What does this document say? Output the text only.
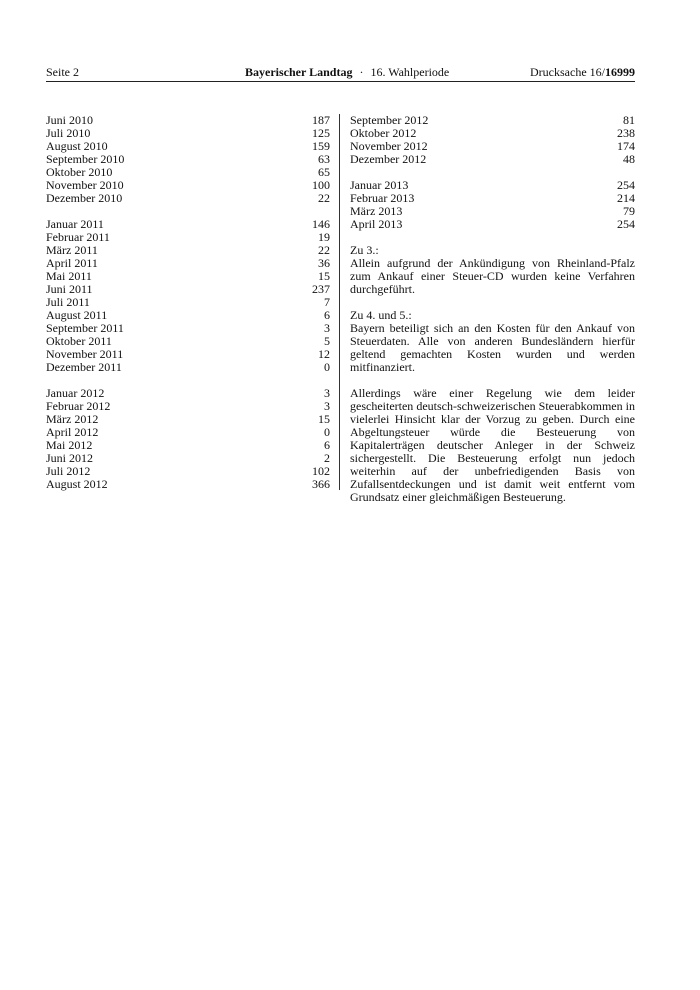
Seite 2	Bayerischer Landtag · 16. Wahlperiode	Drucksache 16/16999
Juni 2010	187
Juli 2010	125
August 2010	159
September 2010	63
Oktober 2010	65
November 2010	100
Dezember 2010	22
Januar 2011	146
Februar 2011	19
März 2011	22
April 2011	36
Mai 2011	15
Juni 2011	237
Juli 2011	7
August 2011	6
September 2011	3
Oktober 2011	5
November 2011	12
Dezember 2011	0
Januar 2012	3
Februar 2012	3
März 2012	15
April 2012	0
Mai 2012	6
Juni 2012	2
Juli 2012	102
August 2012	366
September 2012	81
Oktober 2012	238
November 2012	174
Dezember 2012	48
Januar 2013	254
Februar 2013	214
März 2013	79
April 2013	254

Zu 3.:
Allein aufgrund der Ankündigung von Rheinland-Pfalz zum Ankauf einer Steuer-CD wurden keine Verfahren durchgeführt.

Zu 4. und 5.:
Bayern beteiligt sich an den Kosten für den Ankauf von Steuerdaten. Alle von anderen Bundesländern hierfür geltend gemachten Kosten wurden und werden mitfinanziert.

Allerdings wäre einer Regelung wie dem leider gescheiterten deutsch-schweizerischen Steuerabkommen in vielerlei Hinsicht klar der Vorzug zu geben. Durch eine Abgeltungsteuer würde die Besteuerung von Kapitalerträgen deutscher Anleger in der Schweiz sichergestellt. Die Besteuerung erfolgt nun jedoch weiterhin auf der unbefriedigenden Basis von Zufallsentdeckungen und ist damit weit entfernt vom Grundsatz einer gleichmäßigen Besteuerung.
